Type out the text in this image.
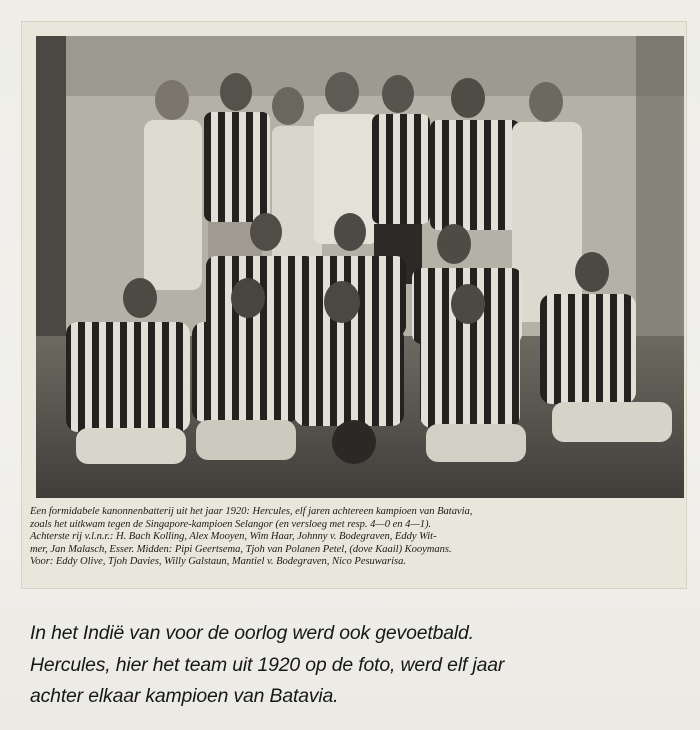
Een formidabele kanonnenbatterij uit het jaar 1920: Hercules, elf jaren achtereen kampioen van Batavia,
zoals het uitkwam tegen de Singapore-kampioen Selangor (en versloeg met resp. 4—0 en 4—1).
Achterste rij v.l.n.r.: H. Bach Kolling, Alex Mooyen, Wim Haar, Johnny v. Bodegraven, Eddy Wit-
mer, Jan Malasch, Esser. Midden: Pipi Geertsema, Tjoh van Polanen Petel, (dove Kaail) Kooymans.
Voor: Eddy Olive, Tjoh Davies, Willy Galstaun, Mantiel v. Bodegraven, Nico Pesuwarisa.
In het Indië van voor de oorlog werd ook gevoetbald.
Hercules, hier het team uit 1920 op de foto, werd elf jaar
achter elkaar kampioen van Batavia.
